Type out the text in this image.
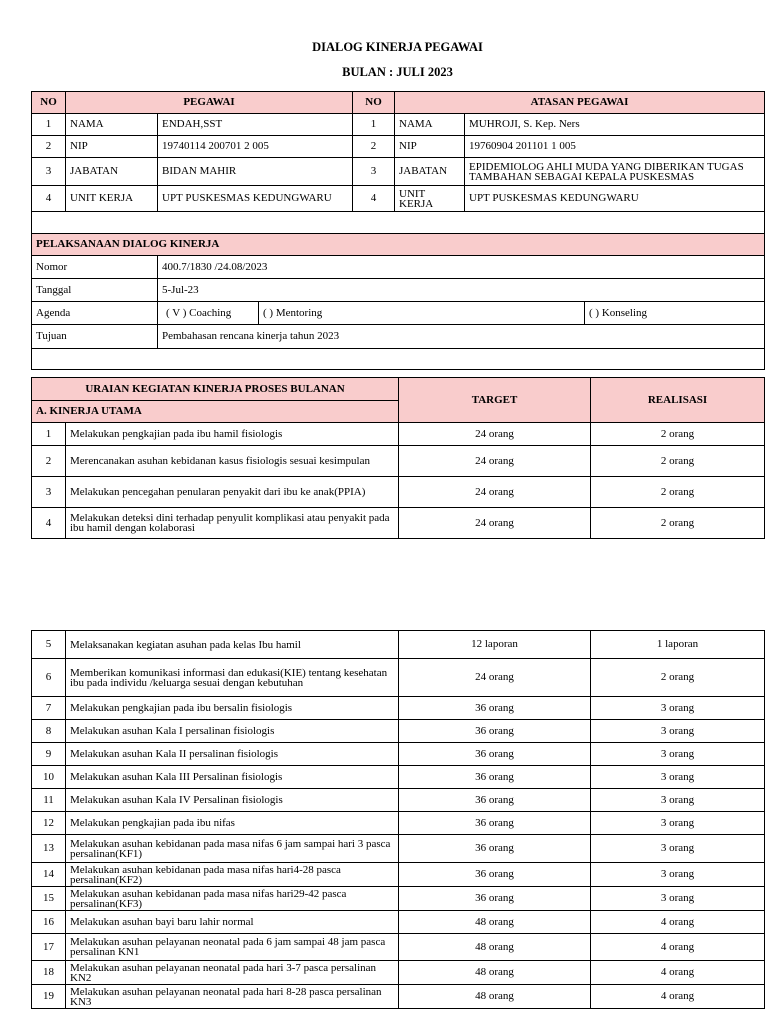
DIALOG KINERJA PEGAWAI
BULAN : JULI 2023
NO	PEGAWAI		NO	ATASAN PEGAWAI	
1	NAMA	ENDAH,SST	1	NAMA	MUHROJI, S. Kep. Ners
2	NIP	19740114 200701 2 005	2	NIP	19760904 201101 1 005
3	JABATAN	BIDAN MAHIR	3	JABATAN	EPIDEMIOLOG AHLI MUDA YANG DIBERIKAN TUGAS TAMBAHAN SEBAGAI KEPALA PUSKESMAS
4	UNIT KERJA	UPT PUSKESMAS KEDUNGWARU	4	UNIT KERJA	UPT PUSKESMAS KEDUNGWARU

PELAKSANAAN DIALOG KINERJA					
Nomor		400.7/1830 /24.08/2023			
Tanggal		5-Jul-23			
Agenda		( V ) Coaching ( ) Mentoring ( ) Konseling			

Tujuan		Pembahasan rencana kinerja tahun 2023			

URAIAN KEGIATAN KINERJA PROSES BULANAN		TARGET	REALISASI
A. KINERJA UTAMA			
1	Melakukan pengkajian pada ibu hamil fisiologis	24 orang	2 orang
2	Merencanakan asuhan kebidanan kasus fisiologis sesuai kesimpulan	24 orang	2 orang
3	Melakukan pencegahan penularan penyakit dari ibu ke anak(PPIA)	24 orang	2 orang
4	Melakukan deteksi dini terhadap penyulit komplikasi atau penyakit pada ibu hamil dengan kolaborasi	24 orang	2 orang
5	Melaksanakan kegiatan asuhan pada kelas Ibu hamil	12 laporan	1 laporan
6	Memberikan komunikasi informasi dan edukasi(KIE) tentang kesehatan ibu pada individu /keluarga sesuai dengan kebutuhan	24 orang	2 orang
7	Melakukan pengkajian pada ibu bersalin fisiologis	36 orang	3 orang
8	Melakukan asuhan Kala I persalinan fisiologis	36 orang	3 orang
9	Melakukan asuhan Kala II persalinan fisiologis	36 orang	3 orang
10	Melakukan asuhan Kala III Persalinan fisiologis	36 orang	3 orang
11	Melakukan asuhan Kala IV Persalinan fisiologis	36 orang	3 orang
12	Melakukan pengkajian pada ibu nifas	36 orang	3 orang
13	Melakukan asuhan kebidanan pada masa nifas 6 jam sampai hari 3 pasca persalinan(KF1)	36 orang	3 orang
14	Melakukan asuhan kebidanan pada masa nifas hari4-28 pasca persalinan(KF2)	36 orang	3 orang
15	Melakukan asuhan kebidanan pada masa nifas hari29-42 pasca persalinan(KF3)	36 orang	3 orang
16	Melakukan asuhan bayi baru lahir normal	48 orang	4 orang
17	Melakukan asuhan pelayanan neonatal pada 6 jam sampai 48 jam pasca persalinan KN1	48 orang	4 orang
18	Melakukan asuhan pelayanan neonatal pada hari 3-7 pasca persalinan KN2	48 orang	4 orang
19	Melakukan asuhan pelayanan neonatal pada hari 8-28 pasca persalinan KN3	48 orang	4 orang
